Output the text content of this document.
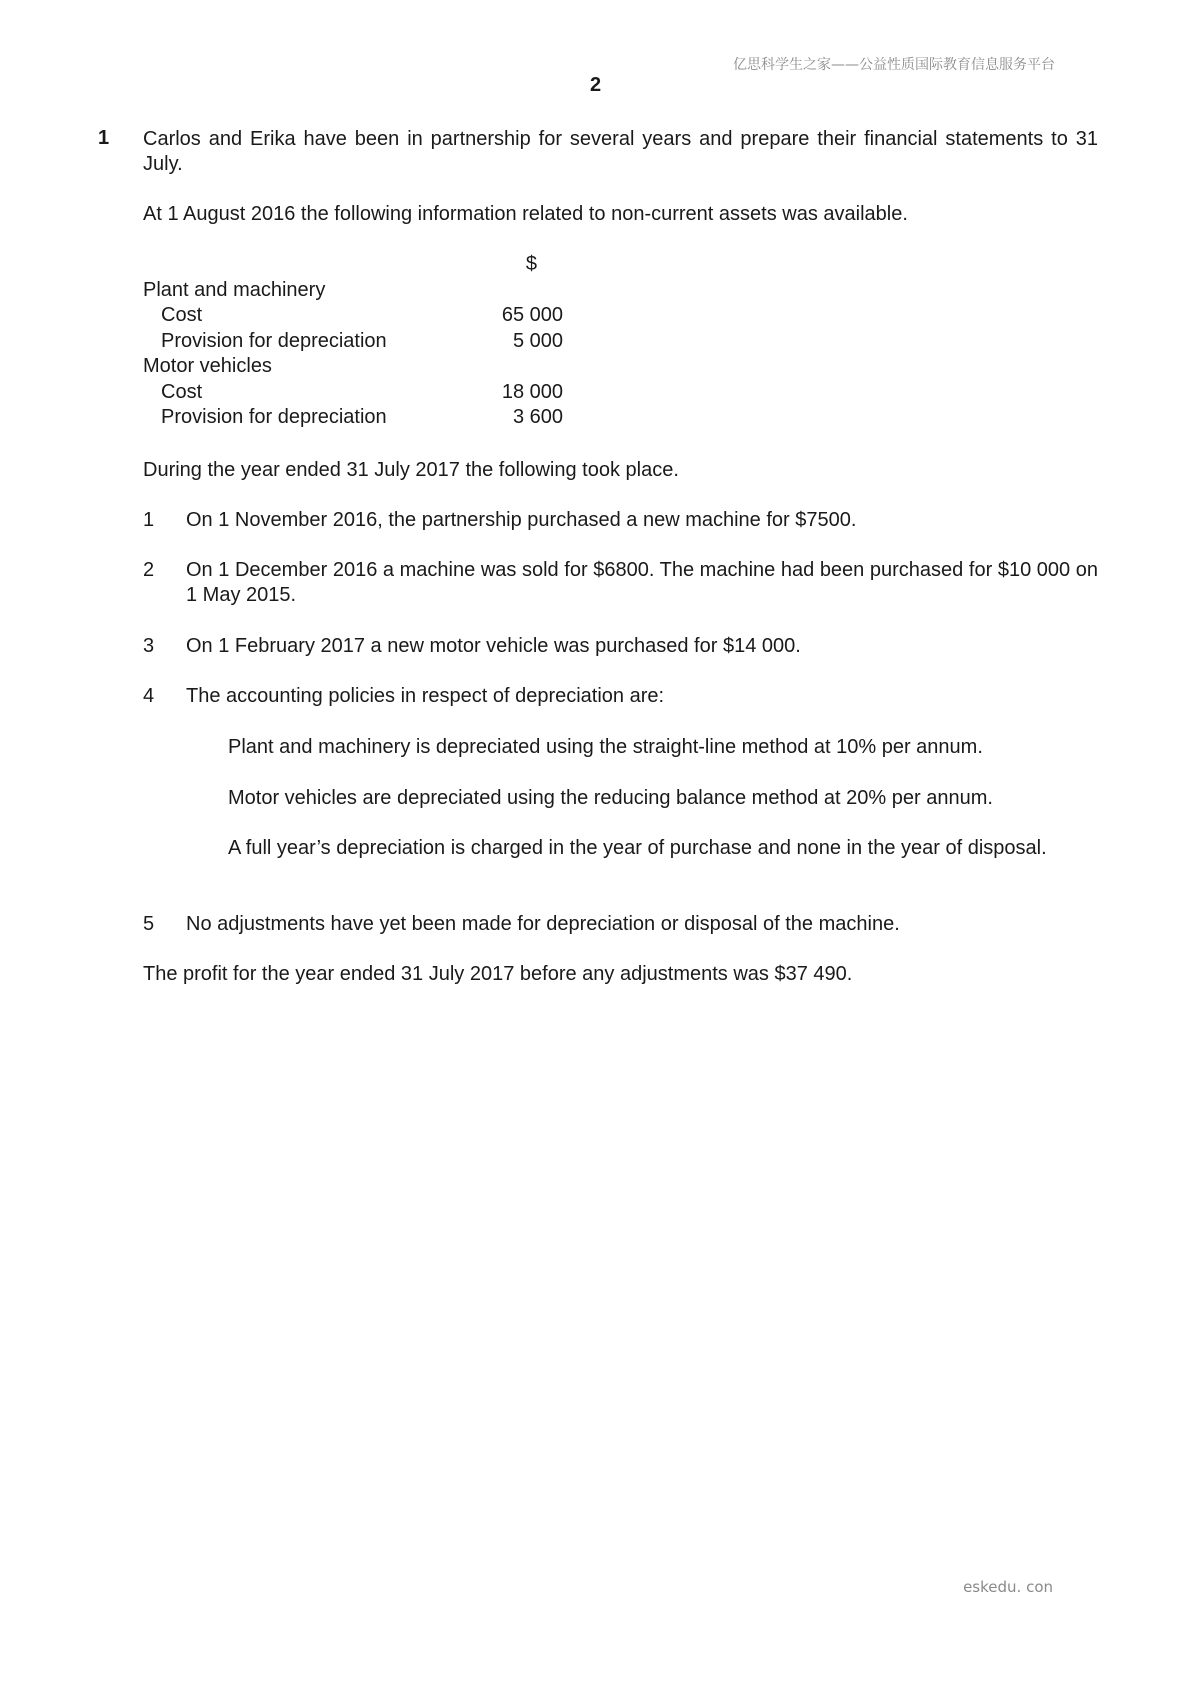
亿思科学生之家——公益性质国际教育信息服务平台
2
1 Carlos and Erika have been in partnership for several years and prepare their financial statements to 31 July.
At 1 August 2016 the following information related to non-current assets was available.
$
Plant and machinery
Cost	65 000
Provision for depreciation	5 000
Motor vehicles
Cost	18 000
Provision for depreciation	3 600
During the year ended 31 July 2017 the following took place.
1 On 1 November 2016, the partnership purchased a new machine for $7500.
2 On 1 December 2016 a machine was sold for $6800. The machine had been purchased for $10 000 on 1 May 2015.
3 On 1 February 2017 a new motor vehicle was purchased for $14 000.
4 The accounting policies in respect of depreciation are:
Plant and machinery is depreciated using the straight-line method at 10% per annum.
Motor vehicles are depreciated using the reducing balance method at 20% per annum.
A full year’s depreciation is charged in the year of purchase and none in the year of disposal.
5 No adjustments have yet been made for depreciation or disposal of the machine.
The profit for the year ended 31 July 2017 before any adjustments was $37 490.
eskedu. con
